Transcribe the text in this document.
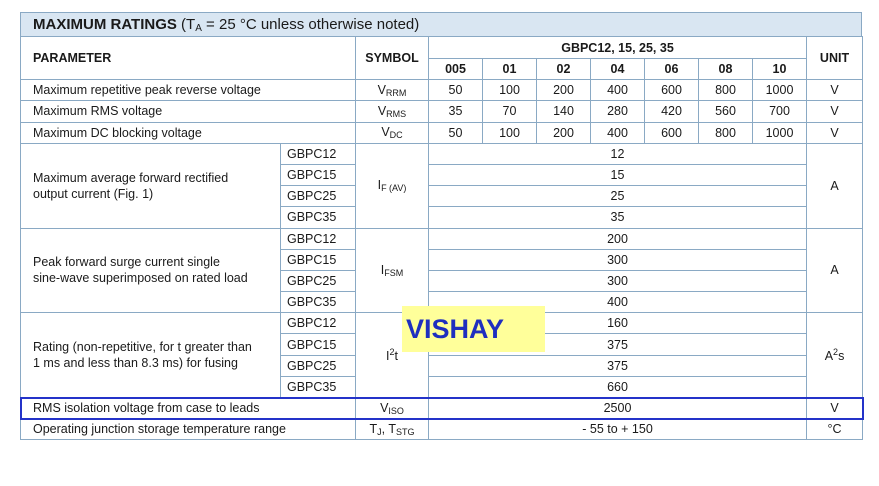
MAXIMUM RATINGS ($T_A = 25$ °C unless otherwise noted)
PARAMETER		SYMBOL	GBPC12, 15, 25, 35							UNIT
			005	01	02	04	06	08	10	
Maximum repetitive peak reverse voltage		$V_{RRM}$	50	100	200	400	600	800	1000	V
Maximum RMS voltage		$V_{RMS}$	35	70	140	280	420	560	700	V
Maximum DC blocking voltage		$V_{DC}$	50	100	200	400	600	800	1000	V

Maximum average forward rectified
output current (Fig. 1)	GBPC12	$I_{F (AV)}$	12							A
	GBPC15		15							
	GBPC25		25							
	GBPC35		35							

Peak forward surge current single
sine-wave superimposed on rated load	GBPC12	$I_{FSM}$	200							A
	GBPC15		300							
	GBPC25		300							
	GBPC35		400							

Rating (non-repetitive, for t greater than
1 ms and less than 8.3 ms) for fusing	GBPC12	$I^2t$	160							$A^2s$
	GBPC15		375							
	GBPC25		375							
	GBPC35		660							
RMS isolation voltage from case to leads		$V_{ISO}$	2500							V
Operating junction storage temperature range		$T_J$, $T_{STG}$	- 55 to + 150							°C
VISHAY
